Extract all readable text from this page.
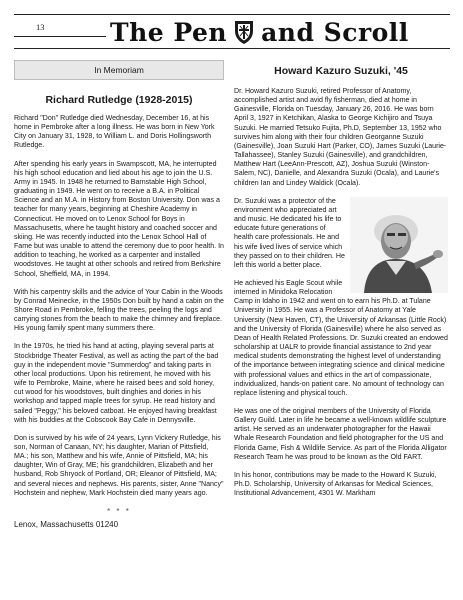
13	The Pen and Scroll
In Memoriam
Richard Rutledge (1928-2015)

Richard "Don" Rutledge died Wednesday, December 16, at his home in Pembroke after a long illness. He was born in New York City on January 31, 1928, to William L. and Doris Hollingsworth Rutledge.

After spending his early years in Swampscott, MA, he interrupted his high school education and lied about his age to join the U.S. Army in 1945. In 1948 he returned to Barnstable High School, graduating in 1949. He went on to receive a B.A. in Political Science and an M.A. in History from Boston University. Don was a teacher for many years, beginning at Cheshire Academy in Connecticut. He moved on to Lenox School for Boys in Massachusetts, where he taught history and coached soccer and skiing. He was recently inducted into the Lenox School Hall of Fame but was unable to attend the ceremony due to poor health. In addition to teaching, he worked as a carpenter and installed woodstoves. He taught at other schools and retired from Berkshire School, Sheffield, MA, in 1994.

With his carpentry skills and the advice of Your Cabin in the Woods by Conrad Meinecke, in the 1950s Don built by hand a cabin on the Shore Road in Pembroke, felling the trees, peeling the logs and carrying stones from the beach to make the chimney and fireplace. His young family spent many summers there.

In the 1970s, he tried his hand at acting, playing several parts at Stockbridge Theater Festival, as well as acting the part of the bad guy in the independent movie "Summerdog" and taking parts in other local productions. Upon his retirement, he moved with his wife to Pembroke, Maine, where he raised bees and sold honey, cut wood for his woodstoves, built dinghies and dories in his workshop and tapped maple trees for syrup. He read history and sailed "Peggy," his beloved catboat. He enjoyed having breakfast with his buddies at the Cobscook Bay Cafe in Dennysville.

Don is survived by his wife of 24 years, Lynn Vickery Rutledge, his son, Norman of Canaan, NY; his daughter, Marian of Pittsfield, MA.; his son, Matthew and his wife, Annie of Pittsfield, MA; his daughter, Win of Gray, ME; his grandchildren, Elizabeth and her husband, Rob Shryock of Portland, OR; Eleanor of Pittsfield, MA; and several nieces and nephews. His parents, sister, Anne "Nancy" Hochstein and nephew, Mark Hochstein died many years ago.

* * *
Lenox, Massachusetts 01240
Howard Kazuro Suzuki, '45

Dr. Howard Kazuro Suzuki, retired Professor of Anatomy, accomplished artist and avid fly fisherman, died at home in Gainesville, Florida on Tuesday, January 26, 2016. He was born April 3, 1927 in Ketchikan, Alaska to George Kichijiro and Tsuya Suzuki. He married Tetsuko Fujita, Ph.D, September 13, 1952 who survives him along with their four children Georganne Suzuki (Gainesville), Joan Suzuki Hart (Parker, CO), James Suzuki (Laurie-Tallahassee), Stanley Suzuki (Gainesville), and grandchildren, Matthew Hart (LeeAnn-Prescott, AZ), Joshua Suzuki (Winston-Salem, NC), Danielle, and Alexandra Suzuki (Ocala), and Laurie's children Ian and Lindey Waldick (Ocala).

Dr. Suzuki was a protector of the environment who appreciated art and music. He dedicated his life to educate future generations of health care professionals. He and his wife lived lives of service which they passed on to their children. He left this world a better place.

He achieved his Eagle Scout while interned in Minidoka Relocation Camp in Idaho in 1942 and went on to earn his Ph.D. at Tulane University in 1955. He was a Professor of Anatomy at Yale University (New Haven, CT), the University of Arkansas (Little Rock) and the University of Florida (Gainesville) where he also served as Dean of Health Related Professions. Dr. Suzuki created an endowed scholarship at UALR to provide financial assistance to 2nd year medical students demonstrating the highest level of understanding of the importance between integrating science and clinical medicine with professional values and ethics in the art of compassionate, individualized, hands-on patient care. No amount of technology can replace listening and physical touch.

He was one of the original members of the University of Florida Gallery Guild. Later in life he became a well-known wildlife sculpture artist. He served as an underwater photographer for the Hawaii Whale Research Foundation and field photographer for the US and Florida Game, Fish & Wildlife Service. As part of the Florida Alligator Research Team he was proud to be known as the Old FART.

In his honor, contributions may be made to the Howard K Suzuki, Ph.D. Scholarship, University of Arkansas for Medical Sciences, Institutional Advancement, 4301 W. Markham
